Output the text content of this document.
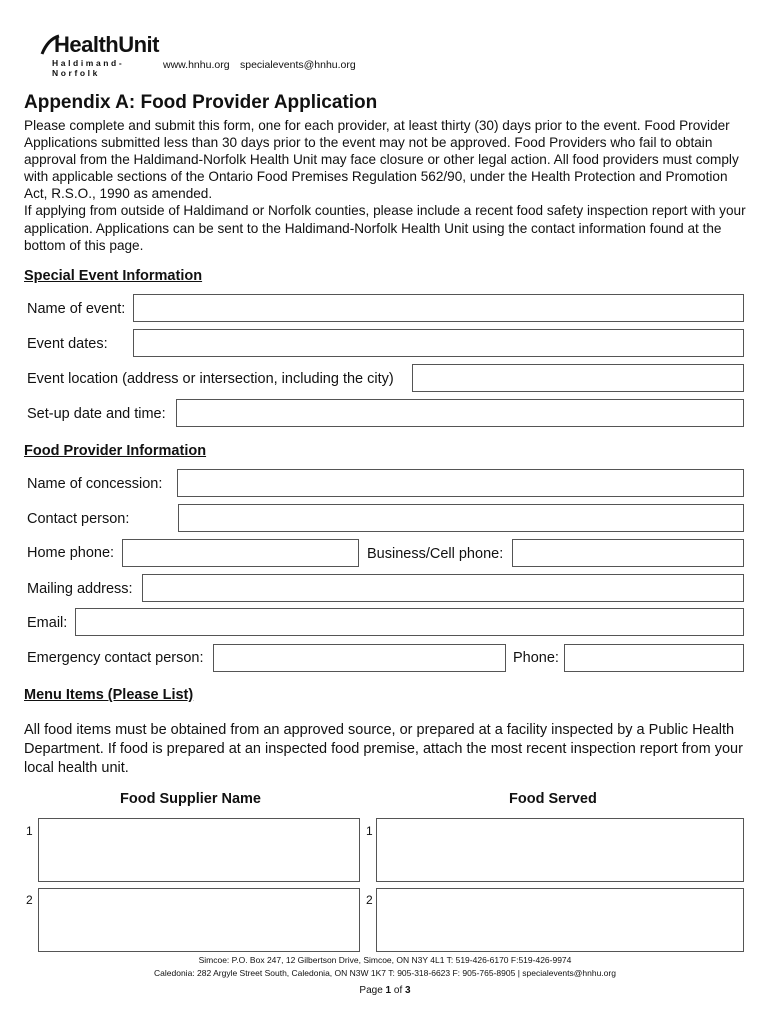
HealthUnit
Haldimand-Norfolk
www.hnhu.org specialevents@hnhu.org
Appendix A: Food Provider Application

Please complete and submit this form, one for each provider, at least thirty (30) days prior to the event. Food Provider Applications submitted less than 30 days prior to the event may not be approved. Food Providers who fail to obtain approval from the Haldimand-Norfolk Health Unit may face closure or other legal action. All food providers must comply with applicable sections of the Ontario Food Premises Regulation 562/90, under the Health Protection and Promotion Act, R.S.O., 1990 as amended.

If applying from outside of Haldimand or Norfolk counties, please include a recent food safety inspection report with your application. Applications can be sent to the Haldimand-Norfolk Health Unit using the contact information found at the bottom of this page.

Special Event Information
Name of event:
Event dates:
Event location (address or intersection, including the city)
Set-up date and time:
Food Provider Information
Name of concession:
Contact person:
Home phone:	Business/Cell phone:
Mailing address:
Email:
Emergency contact person:	Phone:
Menu Items (Please List)
All food items must be obtained from an approved source, or prepared at a facility inspected by a Public Health Department. If food is prepared at an inspected food premise, attach the most recent inspection report from your local health unit.
Food Supplier Name	Food Served
1	1
2	2
Simcoe: P.O. Box 247, 12 Gilbertson Drive, Simcoe, ON N3Y 4L1 T: 519-426-6170 F:519-426-9974
Caledonia: 282 Argyle Street South, Caledonia, ON N3W 1K7 T: 905-318-6623 F: 905-765-8905 | specialevents@hnhu.org
Page 1 of 3
